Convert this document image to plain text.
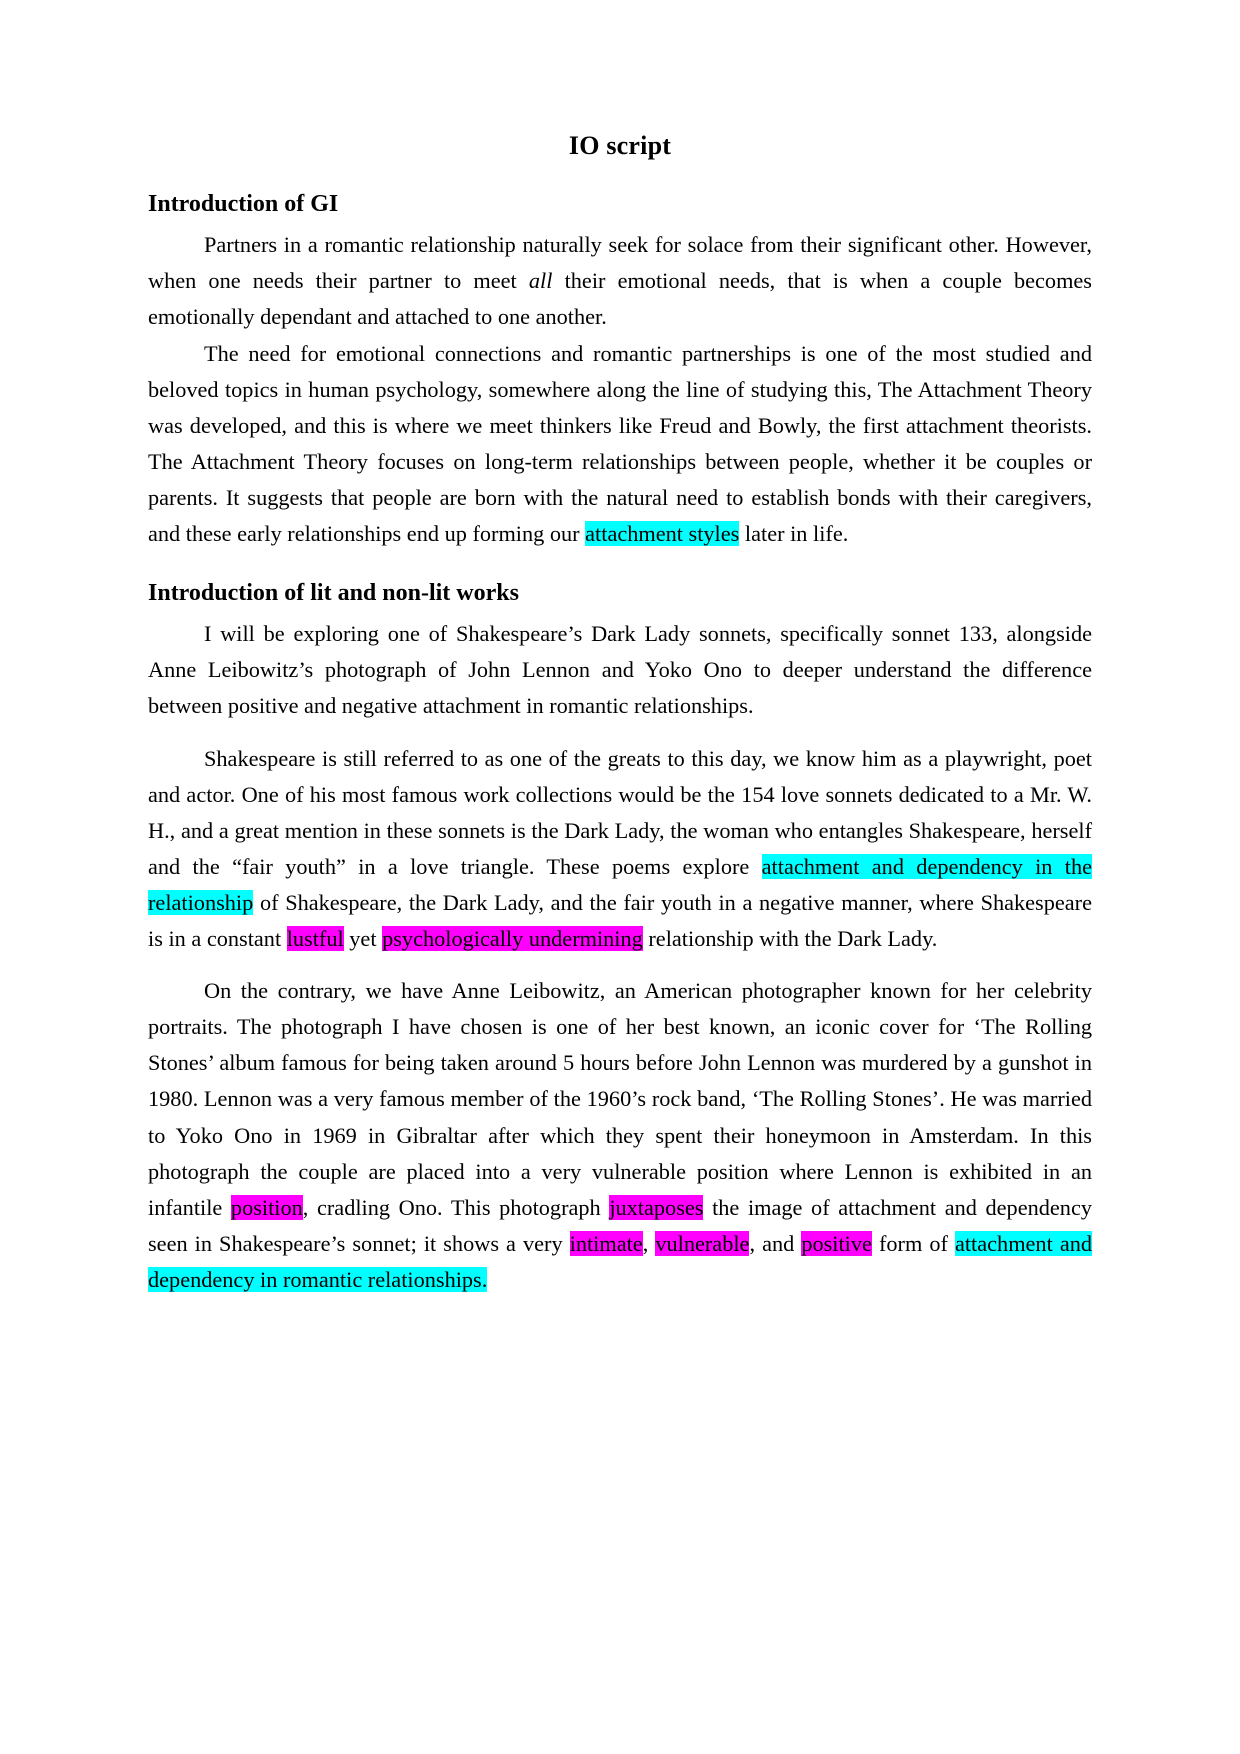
IO script
Introduction of GI

Partners in a romantic relationship naturally seek for solace from their significant other. However, when one needs their partner to meet all their emotional needs, that is when a couple becomes emotionally dependant and attached to one another.

The need for emotional connections and romantic partnerships is one of the most studied and beloved topics in human psychology, somewhere along the line of studying this, The Attachment Theory was developed, and this is where we meet thinkers like Freud and Bowly, the first attachment theorists. The Attachment Theory focuses on long-term relationships between people, whether it be couples or parents. It suggests that people are born with the natural need to establish bonds with their caregivers, and these early relationships end up forming our attachment styles later in life.

Introduction of lit and non-lit works

I will be exploring one of Shakespeare’s Dark Lady sonnets, specifically sonnet 133, alongside Anne Leibowitz’s photograph of John Lennon and Yoko Ono to deeper understand the difference between positive and negative attachment in romantic relationships.

Shakespeare is still referred to as one of the greats to this day, we know him as a playwright, poet and actor. One of his most famous work collections would be the 154 love sonnets dedicated to a Mr. W. H., and a great mention in these sonnets is the Dark Lady, the woman who entangles Shakespeare, herself and the “fair youth” in a love triangle. These poems explore attachment and dependency in the relationship of Shakespeare, the Dark Lady, and the fair youth in a negative manner, where Shakespeare is in a constant lustful yet psychologically undermining relationship with the Dark Lady.

On the contrary, we have Anne Leibowitz, an American photographer known for her celebrity portraits. The photograph I have chosen is one of her best known, an iconic cover for ‘The Rolling Stones’ album famous for being taken around 5 hours before John Lennon was murdered by a gunshot in 1980. Lennon was a very famous member of the 1960’s rock band, ‘The Rolling Stones’. He was married to Yoko Ono in 1969 in Gibraltar after which they spent their honeymoon in Amsterdam. In this photograph the couple are placed into a very vulnerable position where Lennon is exhibited in an infantile position, cradling Ono. This photograph juxtaposes the image of attachment and dependency seen in Shakespeare’s sonnet; it shows a very intimate, vulnerable, and positive form of attachment and dependency in romantic relationships.
